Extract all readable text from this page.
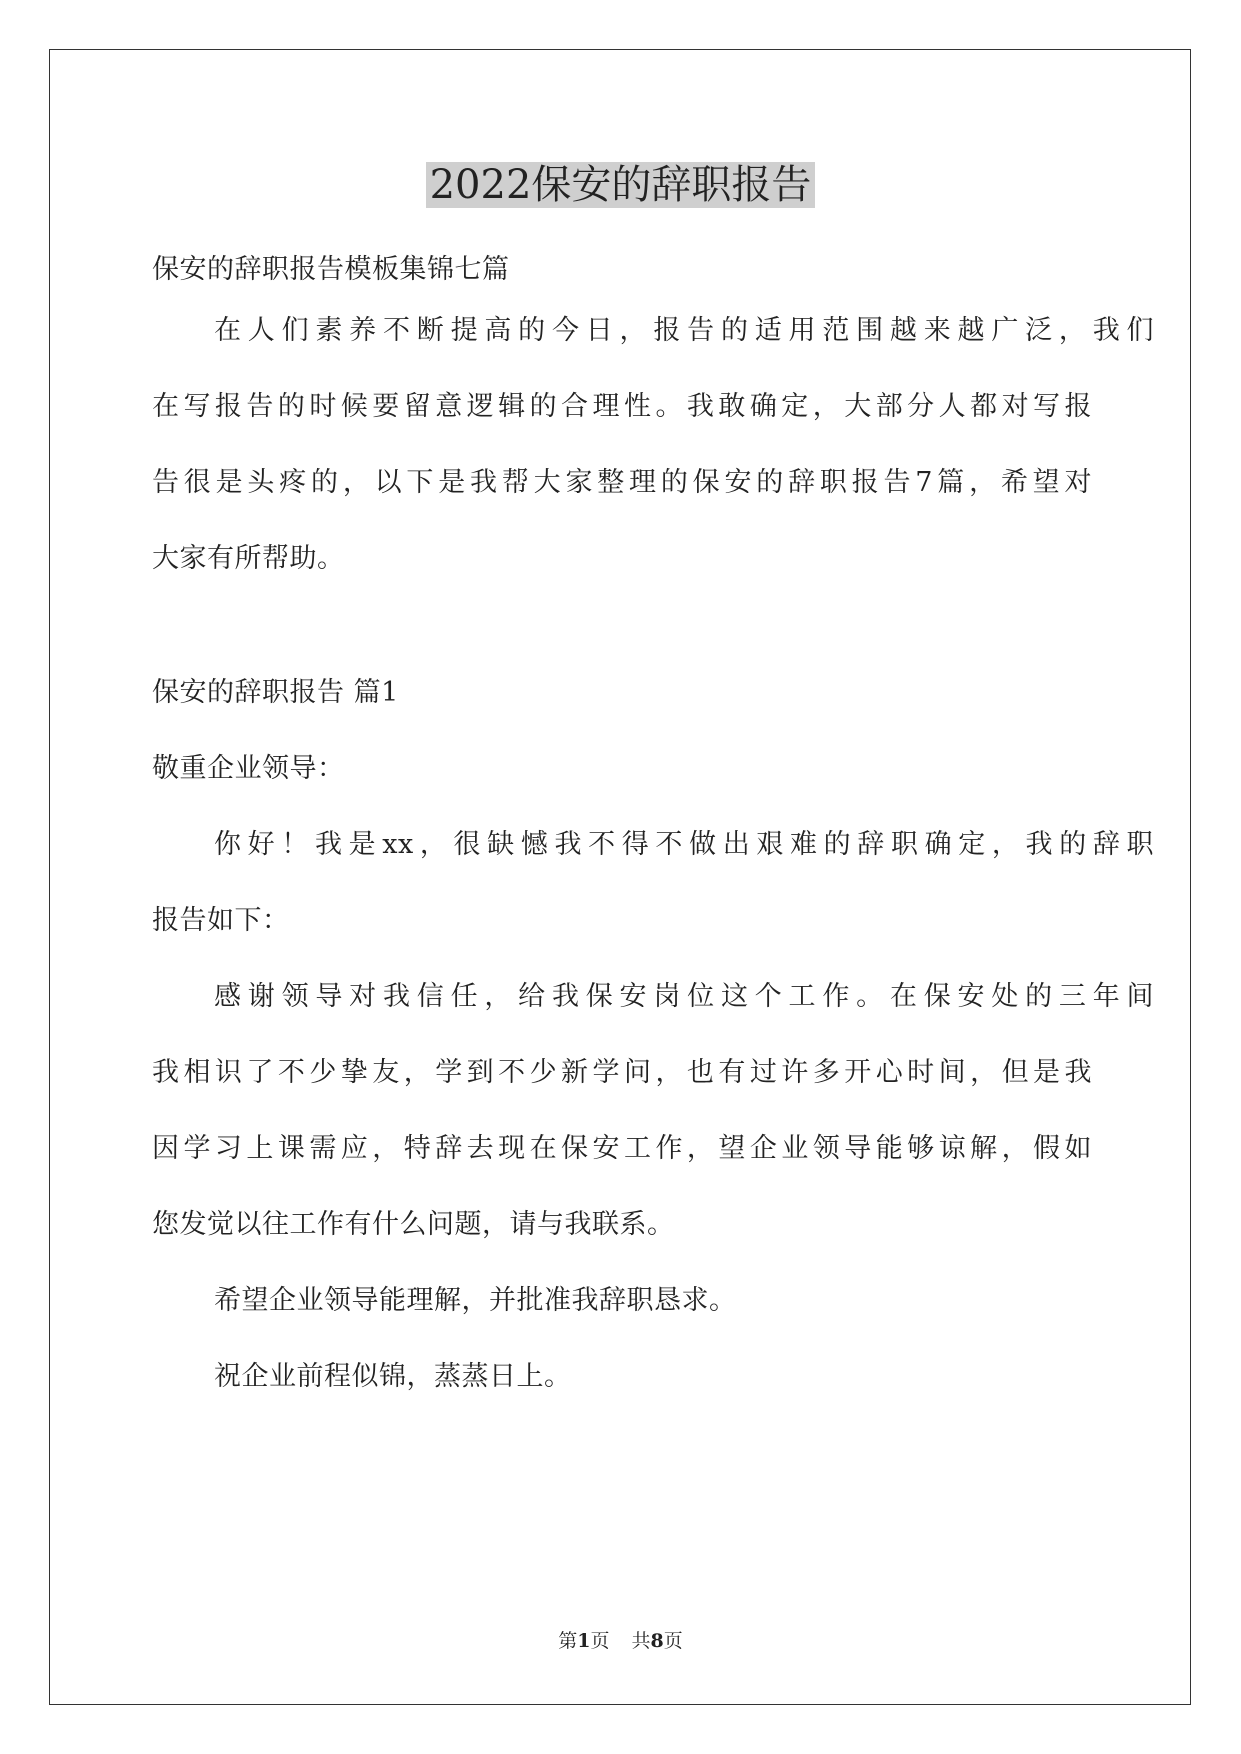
2022保安的辞职报告
保安的辞职报告模板集锦七篇
在人们素养不断提高的今日，报告的适用范围越来越广泛，我们
在写报告的时候要留意逻辑的合理性。我敢确定，大部分人都对写报
告很是头疼的，以下是我帮大家整理的保安的辞职报告7篇，希望对
大家有所帮助。
保安的辞职报告 篇1
敬重企业领导：
你好！我是xx，很缺憾我不得不做出艰难的辞职确定，我的辞职
报告如下：
感谢领导对我信任，给我保安岗位这个工作。在保安处的三年间
我相识了不少挚友，学到不少新学问，也有过许多开心时间，但是我
因学习上课需应，特辞去现在保安工作，望企业领导能够谅解，假如
您发觉以往工作有什么问题，请与我联系。
希望企业领导能理解，并批准我辞职恳求。
祝企业前程似锦，蒸蒸日上。
第1页 共8页
